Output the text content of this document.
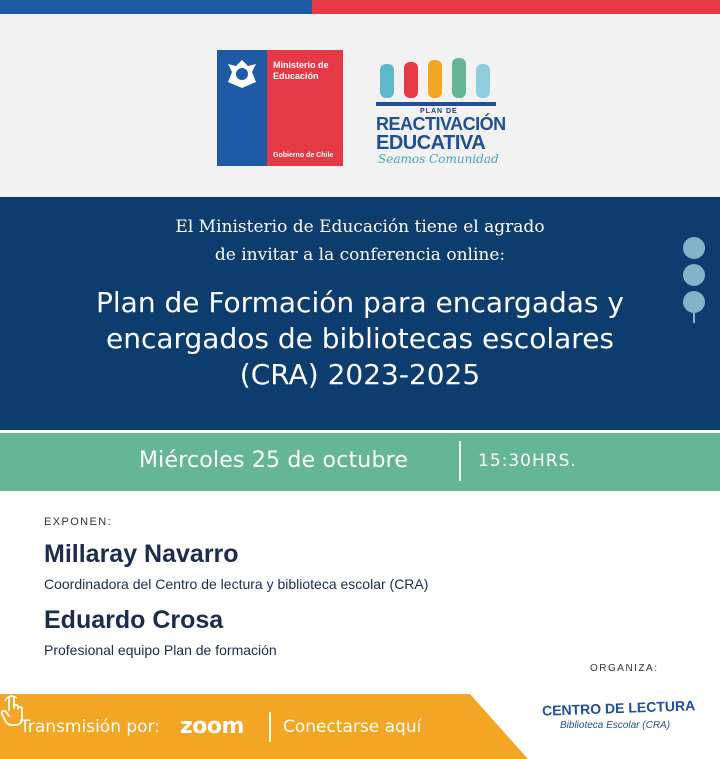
Ministerio de
Educación
Gobierno de Chile
PLAN DE
REACTIVACIÓN
EDUCATIVA
Seamos Comunidad
El Ministerio de Educación tiene el agrado
de invitar a la conferencia online:
Plan de Formación para encargadas y
encargados de bibliotecas escolares
(CRA) 2023-2025
Miércoles 25 de octubre	15:30HRS.
EXPONEN:
Millaray Navarro
Coordinadora del Centro de lectura y biblioteca escolar (CRA)
Eduardo Crosa
Profesional equipo Plan de formación
ORGANIZA:
CENTRO DE LECTURA
Biblioteca Escolar (CRA)
Transmisión por: zoom Conectarse aquí
